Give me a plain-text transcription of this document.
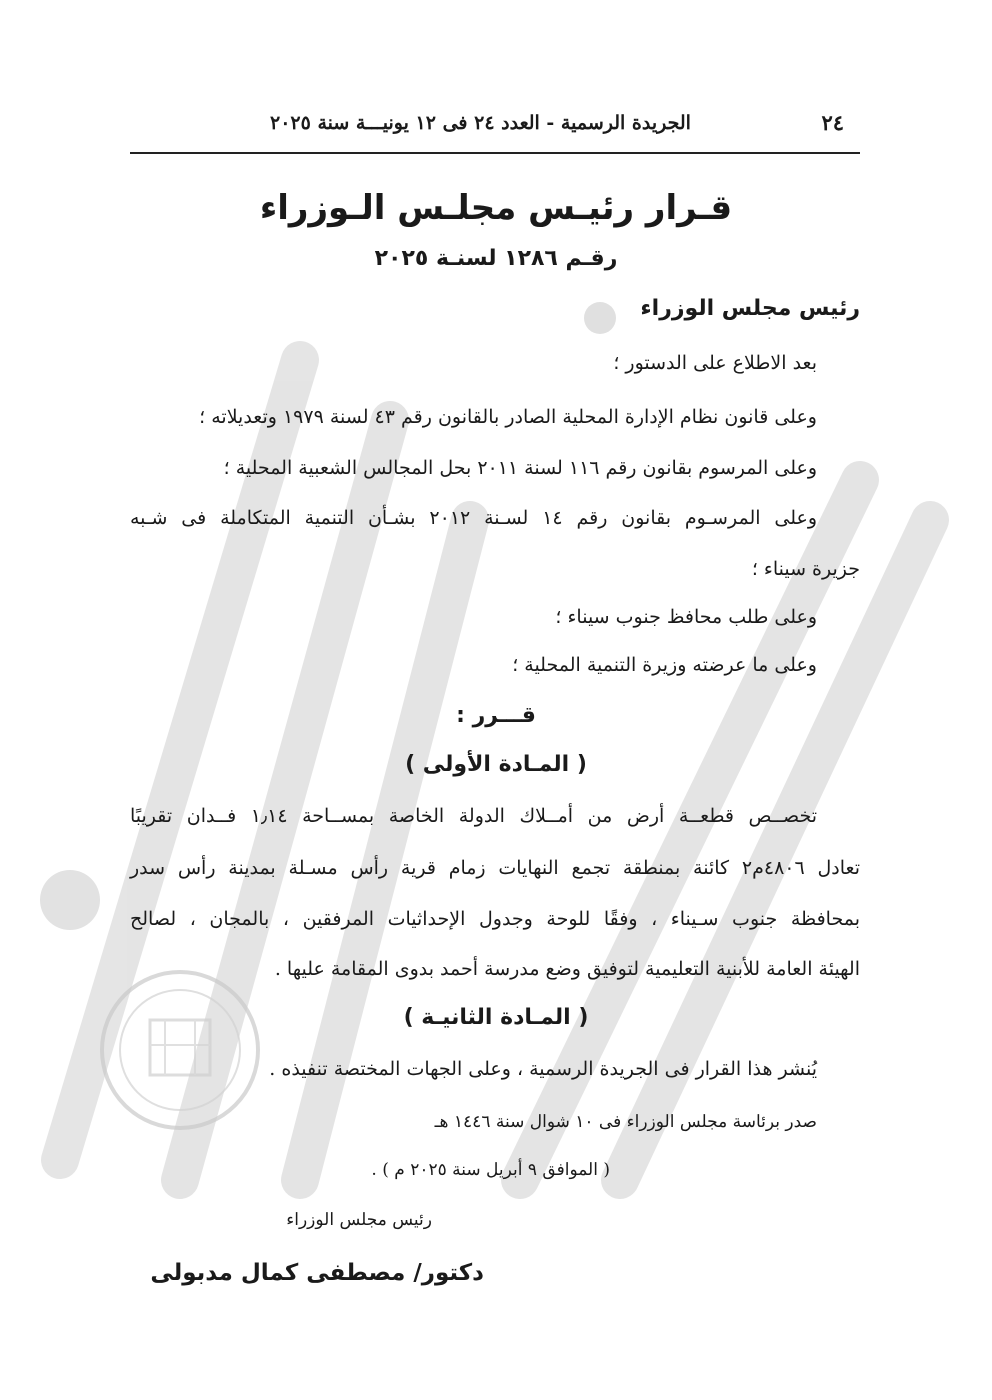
٢٤
الجريدة الرسمية - العدد ٢٤ فى ١٢ يونيـــة سنة ٢٠٢٥
قـرار رئيـس مجلـس الـوزراء
رقـم ١٢٨٦ لسنـة ٢٠٢٥
رئيس مجلس الوزراء
بعد الاطلاع على الدستور ؛
وعلى قانون نظام الإدارة المحلية الصادر بالقانون رقم ٤٣ لسنة ١٩٧٩ وتعديلاته ؛
وعلى المرسوم بقانون رقم ١١٦ لسنة ٢٠١١ بحل المجالس الشعبية المحلية ؛
وعلى المرسـوم بقانون رقم ١٤ لسـنة ٢٠١٢ بشـأن التنمية المتكاملة فى شـبه
جزيرة سيناء ؛
وعلى طلب محافظ جنوب سيناء ؛
وعلى ما عرضته وزيرة التنمية المحلية ؛
قـــرر :
( المـادة الأولى )
تخصــص قطعــة أرض من أمــلاك الدولة الخاصة بمســاحة ١٫١٤ فــدان تقريبًا
تعادل ٤٨٠٦م٢ كائنة بمنطقة تجمع النهايات زمام قرية رأس مسـلة بمدينة رأس سدر
بمحافظة جنوب سـيناء ، وفقًا للوحة وجدول الإحداثيات المرفقين ، بالمجان ، لصالح
الهيئة العامة للأبنية التعليمية لتوفيق وضع مدرسة أحمد بدوى المقامة عليها .
( المـادة الثانيـة )
يُنشر هذا القرار فى الجريدة الرسمية ، وعلى الجهات المختصة تنفيذه .
صدر برئاسة مجلس الوزراء فى ١٠ شوال سنة ١٤٤٦ هـ
( الموافق ٩ أبريل سنة ٢٠٢٥ م ) .
رئيس مجلس الوزراء
دكتور/ مصطفى كمال مدبولى
